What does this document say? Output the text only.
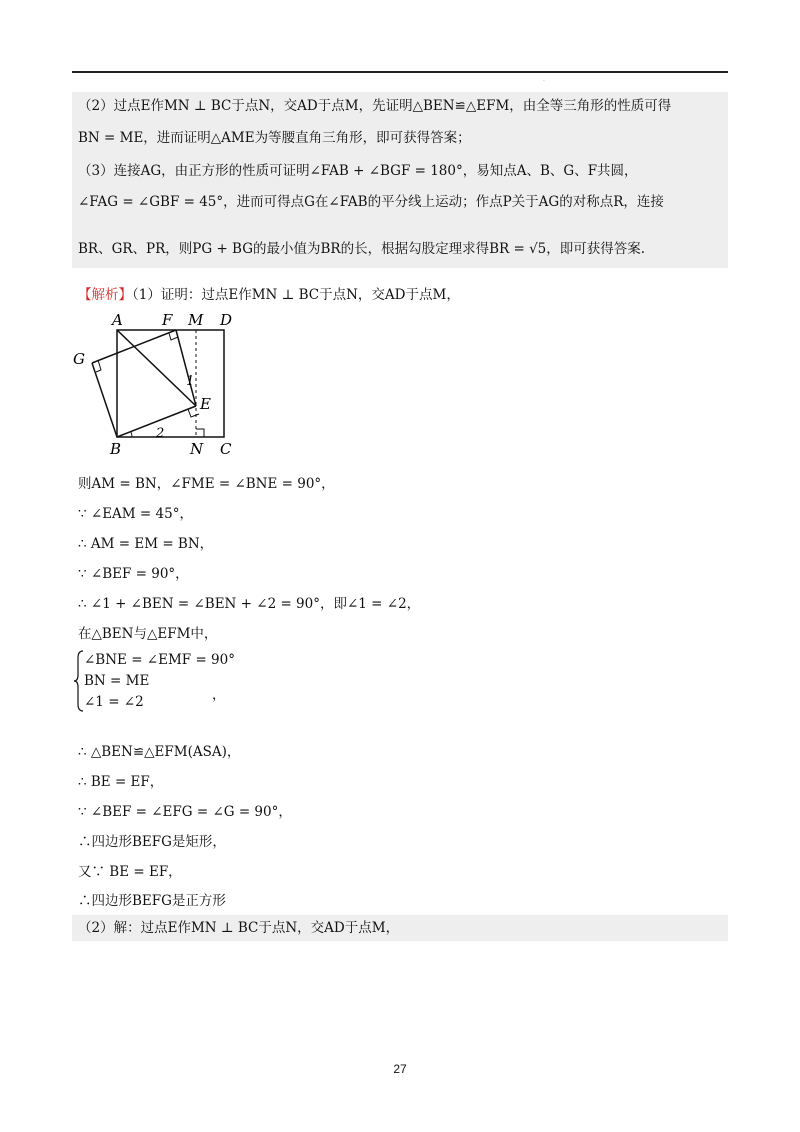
.
（2）过点E作MN ⊥ BC于点N，交AD于点M，先证明△BEN≌△EFM，由全等三角形的性质可得
BN = ME，进而证明△AME为等腰直角三角形，即可获得答案；
（3）连接AG，由正方形的性质可证明∠FAB + ∠BGF = 180°，易知点A、B、G、F共圆，
∠FAG = ∠GBF = 45°，进而可得点G在∠FAB的平分线上运动；作点P关于AG的对称点R，连接
BR、GR、PR，则PG + BG的最小值为BR的长，根据勾股定理求得BR = √5，即可获得答案.
【解析】（1）证明：过点E作MN ⊥ BC于点N，交AD于点M，
A	F M D
G
E
B	N C
1
2
则AM = BN，∠FME = ∠BNE = 90°，
∵ ∠EAM = 45°，
∴ AM = EM = BN，
∵ ∠BEF = 90°，
∴ ∠1 + ∠BEN = ∠BEN + ∠2 = 90°，即∠1 = ∠2，
在△BEN与△EFM中，
∠BNE = ∠EMF = 90°
BN = ME
∠1 = ∠2	，
∴ △BEN≌△EFM(ASA)，
∴ BE = EF，
∵ ∠BEF = ∠EFG = ∠G = 90°，
∴四边形BEFG是矩形，
又∵ BE = EF，
∴四边形BEFG是正方形
（2）解：过点E作MN ⊥ BC于点N，交AD于点M，
27
